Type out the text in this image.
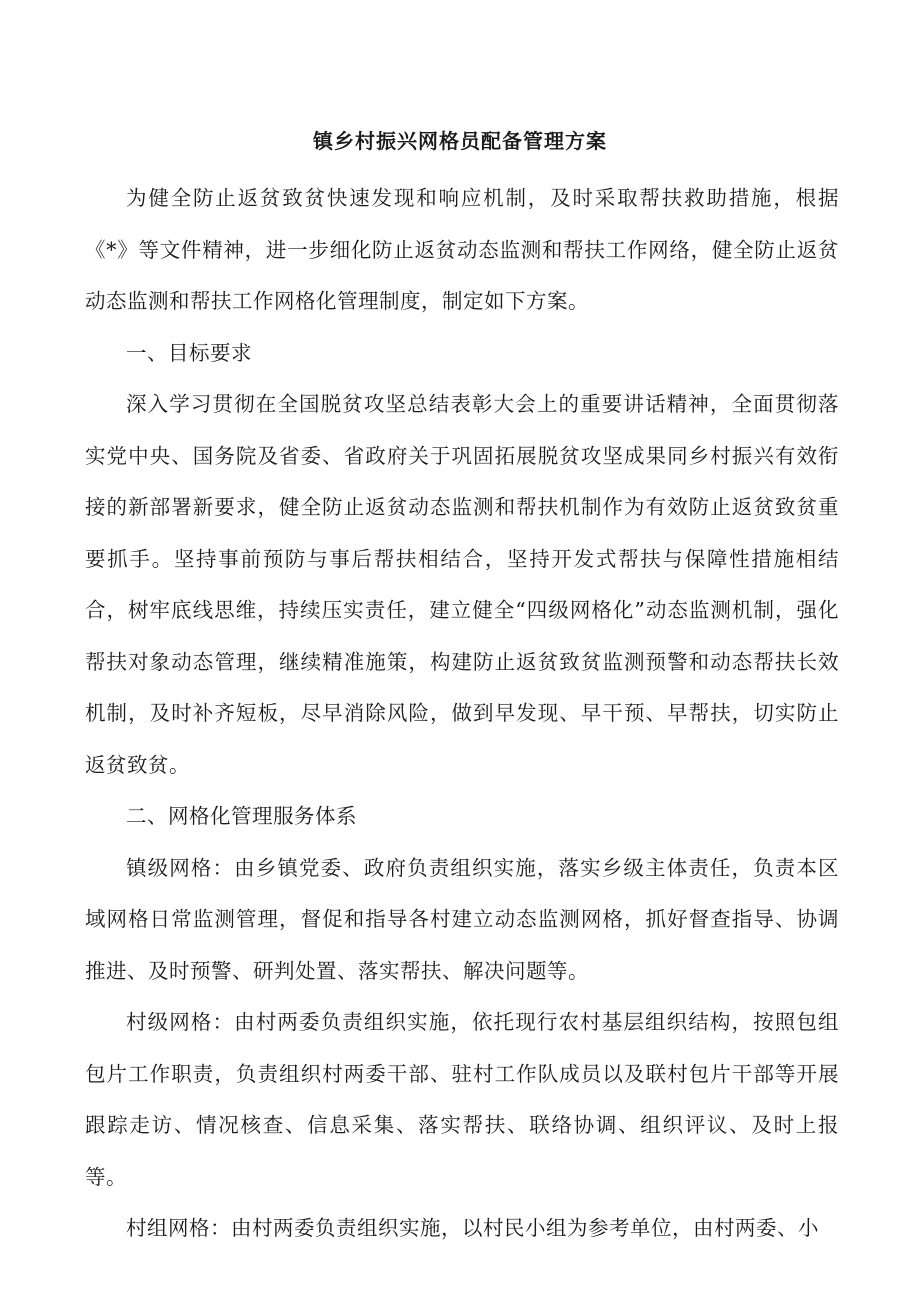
镇乡村振兴网格员配备管理方案

为健全防止返贫致贫快速发现和响应机制，及时采取帮扶救助措施，根据《*》等文件精神，进一步细化防止返贫动态监测和帮扶工作网络，健全防止返贫动态监测和帮扶工作网格化管理制度，制定如下方案。

一、目标要求

深入学习贯彻在全国脱贫攻坚总结表彰大会上的重要讲话精神，全面贯彻落实党中央、国务院及省委、省政府关于巩固拓展脱贫攻坚成果同乡村振兴有效衔接的新部署新要求，健全防止返贫动态监测和帮扶机制作为有效防止返贫致贫重要抓手。坚持事前预防与事后帮扶相结合，坚持开发式帮扶与保障性措施相结合，树牢底线思维，持续压实责任，建立健全“四级网格化”动态监测机制，强化帮扶对象动态管理，继续精准施策，构建防止返贫致贫监测预警和动态帮扶长效机制，及时补齐短板，尽早消除风险，做到早发现、早干预、早帮扶，切实防止返贫致贫。

二、网格化管理服务体系

镇级网格：由乡镇党委、政府负责组织实施，落实乡级主体责任，负责本区域网格日常监测管理，督促和指导各村建立动态监测网格，抓好督查指导、协调推进、及时预警、研判处置、落实帮扶、解决问题等。

村级网格：由村两委负责组织实施，依托现行农村基层组织结构，按照包组包片工作职责，负责组织村两委干部、驻村工作队成员以及联村包片干部等开展跟踪走访、情况核查、信息采集、落实帮扶、联络协调、组织评议、及时上报等。

村组网格：由村两委负责组织实施，以村民小组为参考单位，由村两委、小
